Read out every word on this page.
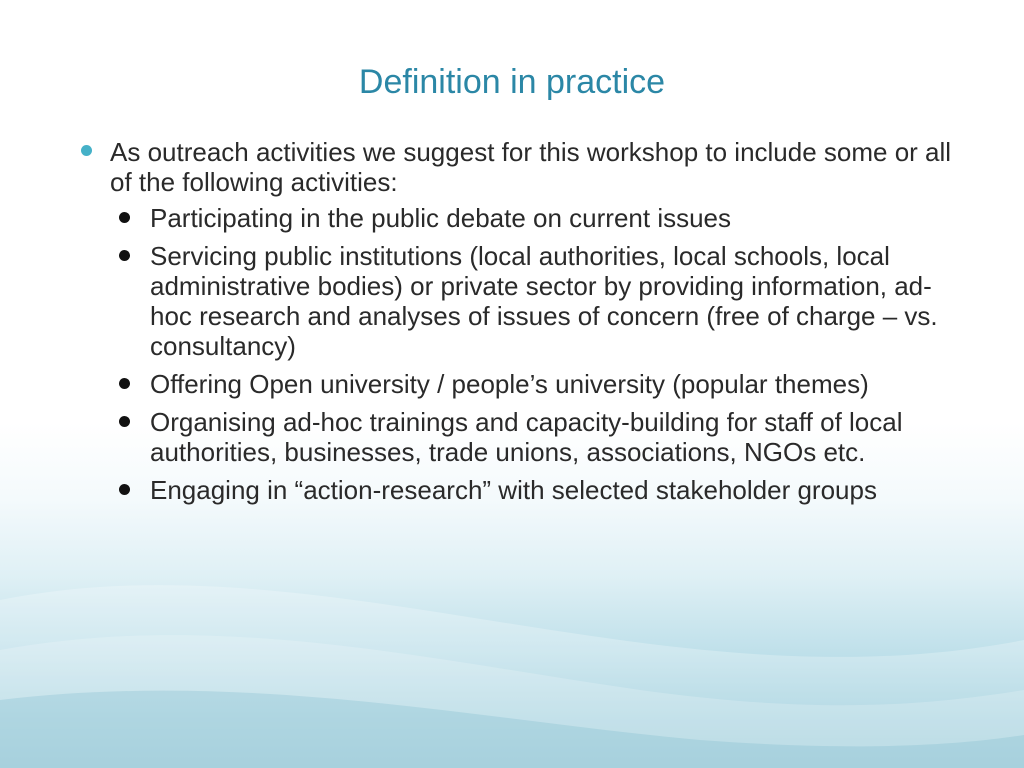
Definition in practice
As outreach activities we suggest for this workshop to include some or all of the following activities:
Participating in the public debate on current issues
Servicing public institutions (local authorities, local schools, local administrative bodies) or private sector by providing information, ad-hoc research and analyses of issues of concern (free of charge – vs. consultancy)
Offering Open university / people’s university (popular themes)
Organising ad-hoc trainings and capacity-building for staff of local authorities, businesses, trade unions, associations, NGOs etc.
Engaging in “action-research” with selected stakeholder groups
